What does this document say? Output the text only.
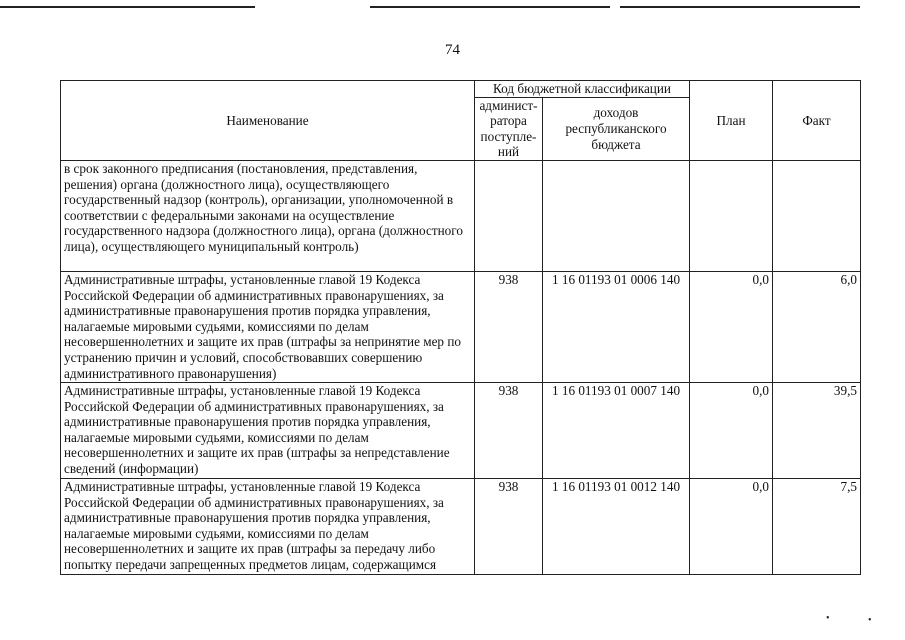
74
Наименование	Код бюджетной классификации		План	Факт
	админист-ратора поступле-ний	доходов республиканского бюджета		
в срок законного предписания (постановления, представления, решения) органа (должностного лица), осуществляющего государственный надзор (контроль), организации, уполномоченной в соответствии с федеральными законами на осуществление государственного надзора (должностного лица), органа (должностного лица), осуществляющего муниципальный контроль)				
Административные штрафы, установленные главой 19 Кодекса Российской Федерации об административных правонарушениях, за административные правонарушения против порядка управления, налагаемые мировыми судьями, комиссиями по делам несовершеннолетних и защите их прав (штрафы за непринятие мер по устранению причин и условий, способствовавших совершению административного правонарушения)	938	1 16 01193 01 0006 140	0,0	6,0
Административные штрафы, установленные главой 19 Кодекса Российской Федерации об административных правонарушениях, за административные правонарушения против порядка управления, налагаемые мировыми судьями, комиссиями по делам несовершеннолетних и защите их прав (штрафы за непредставление сведений (информации)	938	1 16 01193 01 0007 140	0,0	39,5
Административные штрафы, установленные главой 19 Кодекса Российской Федерации об административных правонарушениях, за административные правонарушения против порядка управления, налагаемые мировыми судьями, комиссиями по делам несовершеннолетних и защите их прав (штрафы за передачу либо попытку передачи запрещенных предметов лицам, содержащимся	938	1 16 01193 01 0012 140	0,0	7,5
•	•
